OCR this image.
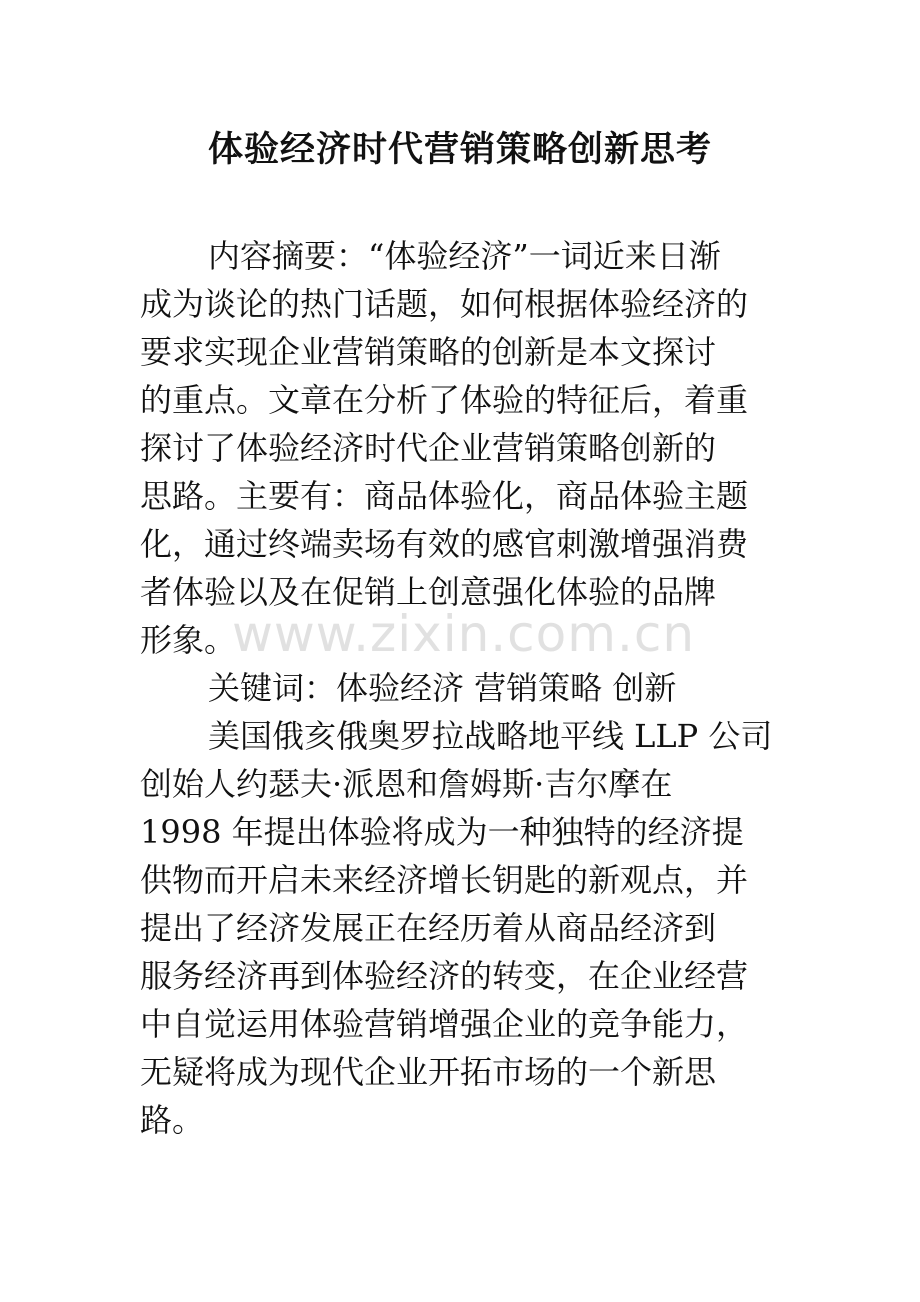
体验经济时代营销策略创新思考
内容摘要：“体验经济”一词近来日渐
成为谈论的热门话题，如何根据体验经济的
要求实现企业营销策略的创新是本文探讨
的重点。文章在分析了体验的特征后，着重
探讨了体验经济时代企业营销策略创新的
思路。主要有：商品体验化，商品体验主题
化，通过终端卖场有效的感官刺激增强消费
者体验以及在促销上创意强化体验的品牌
形象。
关键词：体验经济 营销策略 创新
美国俄亥俄奥罗拉战略地平线 LLP 公司
创始人约瑟夫·派恩和詹姆斯·吉尔摩在
1998 年提出体验将成为一种独特的经济提
供物而开启未来经济增长钥匙的新观点，并
提出了经济发展正在经历着从商品经济到
服务经济再到体验经济的转变，在企业经营
中自觉运用体验营销增强企业的竞争能力，
无疑将成为现代企业开拓市场的一个新思
路。
www.zixin.com.cn
